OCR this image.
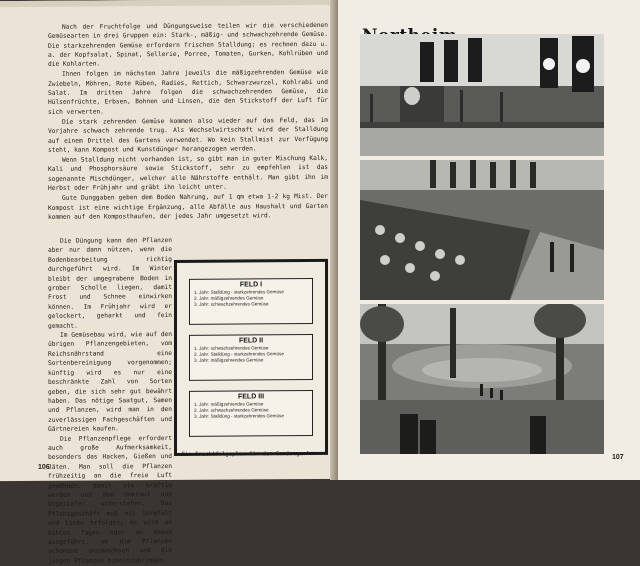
Nach der Fruchtfolge und Düngungsweise teilen wir die verschiedenen Gemüsearten in drei Gruppen ein: Stark-, mäßig- und schwachzehrende Gemüse. Die starkzehrenden Gemüse erfordern frischen Stalldung; es rechnen dazu u. a. der Kopfsalat, Spinat, Sellerie, Porree, Tomaten, Gurken, Kohlrüben und die Kohlarten.

Ihnen folgen im nächsten Jahre jeweils die mäßigzehrenden Gemüse wie Zwiebeln, Möhren, Rote Rüben, Radies, Rettich, Schwarzwurzel, Kohlrabi und Salat. Im dritten Jahre folgen die schwachzehrenden Gemüse, die Hülsenfrüchte, Erbsen, Bohnen und Linsen, die den Stickstoff der Luft für sich verwerten.

Die stark zehrenden Gemüse kommen also wieder auf das Feld, das im Vorjahre schwach zehrende trug. Als Wechselwirtschaft wird der Stalldung auf einem Drittel des Gartens verwendet. Wo kein Stallmist zur Verfügung steht, kann Kompost und Kunstdünger herangezogen werden.

Wenn Stalldung nicht vorhanden ist, so gibt man in guter Mischung Kalk, Kali und Phosphorsäure sowie Stickstoff, sehr zu empfehlen ist das sogenannte Mischdünger, welcher alle Nährstoffe enthält. Man gibt ihn im Herbst oder Frühjahr und gräbt ihn leicht unter.

Gute Dunggaben geben dem Boden Nahrung, auf 1 qm etwa 1-2 kg Mist. Der Kompost ist eine wichtige Ergänzung, alle Abfälle aus Haushalt und Garten kommen auf den Komposthaufen, der jedes Jahr umgesetzt wird.

Die Düngung kann den Pflanzen aber nur dann nützen, wenn die Bodenbearbeitung richtig durchgeführt wird. Im Winter bleibt der umgegrabene Boden in grober Scholle liegen, damit Frost und Schnee einwirken können. Im Frühjahr wird er gelockert, geharkt und fein gemacht.

Im Gemüsebau wird, wie auf den übrigen Pflanzengebieten, vom Reichsnährstand eine Sortenbereinigung vorgenommen; künftig wird es nur eine beschränkte Zahl von Sorten geben, die sich sehr gut bewährt haben. Das nötige Saatgut, Samen und Pflanzen, wird man in den zuverlässigen Fachgeschäften und Gärtnereien kaufen.

Die Pflanzenpflege erfordert auch große Aufmerksamkeit, besonders das Hacken, Gießen und Jäten. Man soll die Pflanzen frühzeitig an die freie Luft gewöhnen, damit sie kräftig werden und dem Unkraut und Ungeziefer widerstehen. Das Pflanzgeschäft muß mit Sorgfalt und Liebe erfolgen; es wird an kühlen Tagen oder am Abend ausgeführt, um die Pflanzen schonend anzuwachsen und die jungen Pflanzen hineinzubringen.

FELD I
1. Jahr: Stalldüng - starkzehrendes Gemüse
2. Jahr: mäßigzehrendes Gemüse
3. Jahr: schwachzehrendes Gemüse
FELD II
1. Jahr: schwachzehrendes Gemüse
2. Jahr: Stalldüng - starkzehrendes Gemüse
3. Jahr: mäßigzehrendes Gemüse
FELD III
1. Jahr: mäßigzehrendes Gemüse
2. Jahr: schwachzehrendes Gemüse
3. Jahr: Stalldüng - starkzehrendes Gemüse
Ein Fruchtfolgeplan für den Gemüsegarten
106
107
